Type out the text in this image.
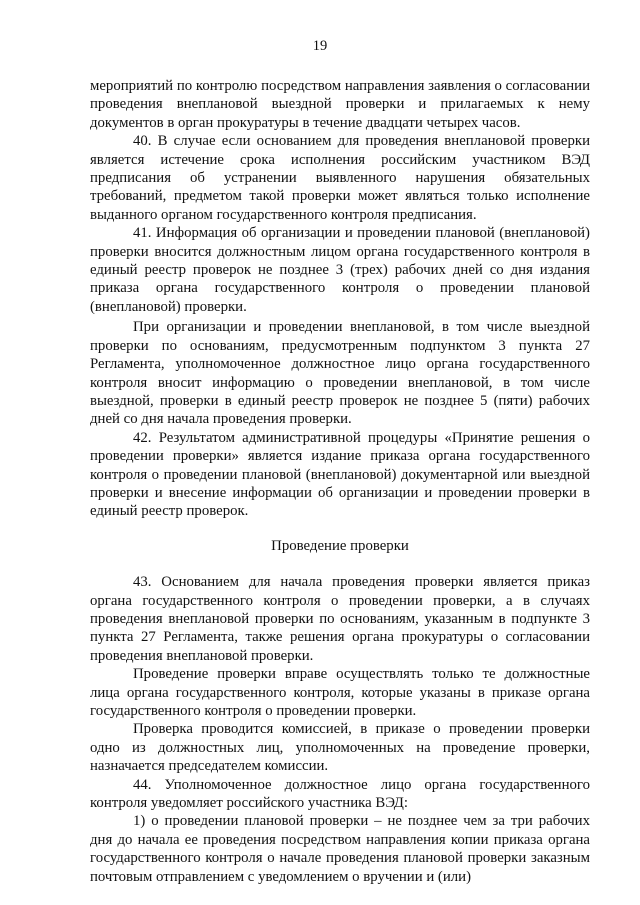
19

мероприятий по контролю посредством направления заявления о согласовании проведения внеплановой выездной проверки и прилагаемых к нему документов в орган прокуратуры в течение двадцати четырех часов.

40. В случае если основанием для проведения внеплановой проверки является истечение срока исполнения российским участником ВЭД предписания об устранении выявленного нарушения обязательных требований, предметом такой проверки может являться только исполнение выданного органом государственного контроля предписания.

41. Информация об организации и проведении плановой (внеплановой) проверки вносится должностным лицом органа государственного контроля в единый реестр проверок не позднее 3 (трех) рабочих дней со дня издания приказа органа государственного контроля о проведении плановой (внеплановой) проверки.

При организации и проведении внеплановой, в том числе выездной проверки по основаниям, предусмотренным подпунктом 3 пункта 27 Регламента, уполномоченное должностное лицо органа государственного контроля вносит информацию о проведении внеплановой, в том числе выездной, проверки в единый реестр проверок не позднее 5 (пяти) рабочих дней со дня начала проведения проверки.

42. Результатом административной процедуры «Принятие решения о проведении проверки» является издание приказа органа государственного контроля о проведении плановой (внеплановой) документарной или выездной проверки и внесение информации об организации и проведении проверки в единый реестр проверок.

Проведение проверки

43. Основанием для начала проведения проверки является приказ органа государственного контроля о проведении проверки, а в случаях проведения внеплановой проверки по основаниям, указанным в подпункте 3 пункта 27 Регламента, также решения органа прокуратуры о согласовании проведения внеплановой проверки.

Проведение проверки вправе осуществлять только те должностные лица органа государственного контроля, которые указаны в приказе органа государственного контроля о проведении проверки.

Проверка проводится комиссией, в приказе о проведении проверки одно из должностных лиц, уполномоченных на проведение проверки, назначается председателем комиссии.

44. Уполномоченное должностное лицо органа государственного контроля уведомляет российского участника ВЭД:

1) о проведении плановой проверки – не позднее чем за три рабочих дня до начала ее проведения посредством направления копии приказа органа государственного контроля о начале проведения плановой проверки заказным почтовым отправлением с уведомлением о вручении и (или)
